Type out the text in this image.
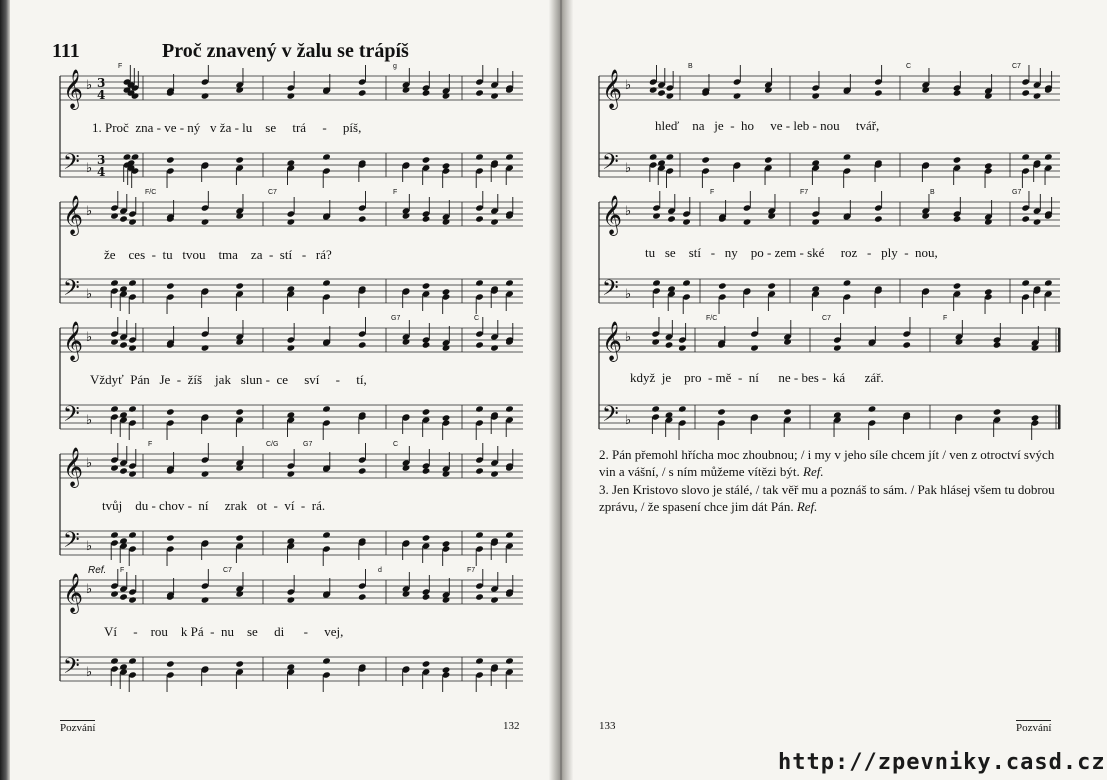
111	Proč znavený v žalu se trápíš
𝄞
𝄢
♭
♭
3
4
3
4
𝄞
𝄢
♭
♭
𝄞
𝄢
♭
♭
𝄞
𝄢
♭
♭
𝄞
𝄢
♭
♭
𝄞
𝄢
♭
♭
𝄞
𝄢
♭
♭
𝄞
𝄢
♭
♭
1. Proč  zna - ve - ný   v ža - lu    se     trá     -     píš,
že    ces  -  tu   tvou    tma    za  -  stí   -   rá?
Vždyť  Pán   Je  -  žíš    jak   slun -  ce     sví     -     tí,
tvůj    du - chov -  ní     zrak   ot  -  ví  -  rá.
Ví     -    rou    k Pá  -  nu    se     di      -     vej,
hleď    na   je  -  ho     ve - leb - nou     tvář,
tu   se    stí   -   ny    po - zem - ské     roz   -   ply  -  nou,
když  je    pro  - mě  -  ní      ne - bes -  ká      zář.
F	g
F/C	C7	F
G7	C
F	C/G	G7	C
Ref. F	C7	d	F7
B	C	C7
F	F7	B	G7
F/C	C7	F
2. Pán přemohl hřícha moc zhoubnou; / i my v jeho síle chcem jít / ven z otroctví svých vin a vášní, / s ním můžeme vítězi být. Ref.
3. Jen Kristovo slovo je stálé, / tak věř mu a poznáš to sám. / Pak hlásej všem tu dobrou zprávu, / že spasení chce jim dát Pán. Ref.
Pozvání	132	133	Pozvání
http://zpevniky.casd.cz
